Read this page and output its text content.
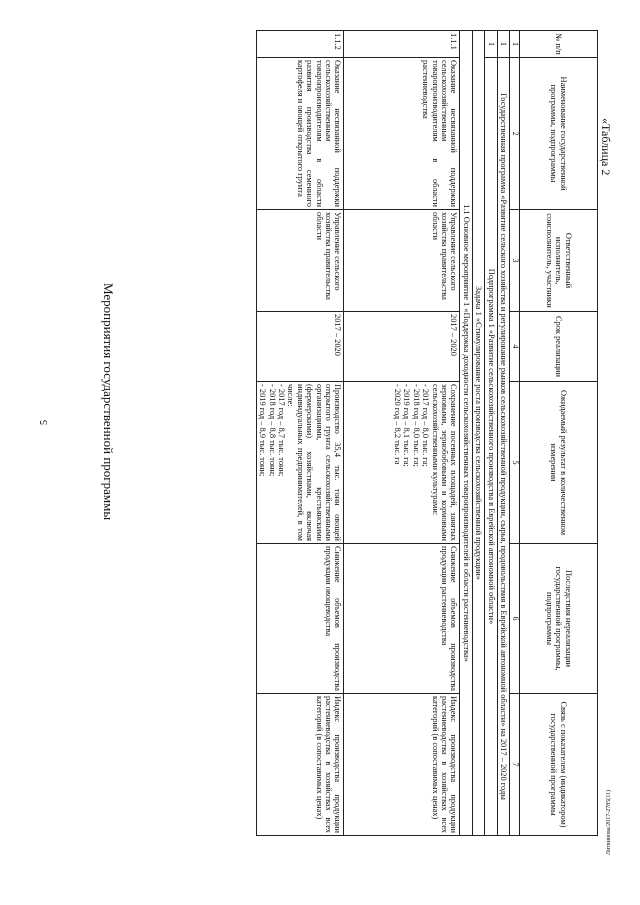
5
Литвинова/2017-2785(11)
«Таблица 2
Мероприятия государственной программы
№ п/п	Наименование государственной программы, подпрограммы	Ответственный исполнитель, соисполнитель, участники	Срок реализации	Ожидаемый результат в количественном измерении	Последствия нереализации государственной программы, подпрограммы	Связь с показателем (индикатором) государственной программы
1	2	3	4	5	6	7
1	Государственная программа «Развитие сельского хозяйства и регулирование рынков сельскохозяйственной продукции, сырья, продовольствия в Еврейской автономной области» на 2017 – 2020 годы					
1	Подпрограмма 1 «Развитие сельскохозяйственного производства в Еврейской автономной области»					
Задача 1 «Стимулирование роста производства сельскохозяйственной продукции»						
1.1 Основное мероприятие 1 «Поддержка доходности сельскохозяйственных товаропроизводителей в области растениеводства»						
1.1.1	Оказание несвязанной поддержки сельскохозяйственным товаропроизводителям в области растениеводства	Управление сельского хозяйства правительства области	2017 – 2020	Сохранение посевных площадей, занятых зерновыми, зернобобовыми и кормовыми сельскохозяйственными культурами:
- 2017 год – 8,0 тыс. га;
- 2018 год – 8,0 тыс. га;
- 2019 год – 8,1 тыс. га;
- 2020 год – 8,2 тыс. га	Снижение объемов производства продукции растениеводства	Индекс производства продукции растениеводства в хозяйствах всех категорий (в сопоставимых ценах)
1.1.2	Оказание несвязанной поддержки сельскохозяйственным товаропроизводителям в области развития производства семенного картофеля и овощей открытого грунта	Управление сельского хозяйства правительства области	2017 – 2020	Производство 35,4 тыс. тонн овощей открытого грунта сельскохозяйственными организациями, крестьянскими (фермерскими) хозяйствами, включая индивидуальных предпринимателей, в том числе:
- 2017 год – 8,7 тыс. тонн;
- 2018 год – 8,8 тыс. тонн;
- 2019 год – 8,9 тыс. тонн;	Снижение объемов производства продукции овощеводства	Индекс производства продукции растениеводства в хозяйствах всех категорий (в сопоставимых ценах)
